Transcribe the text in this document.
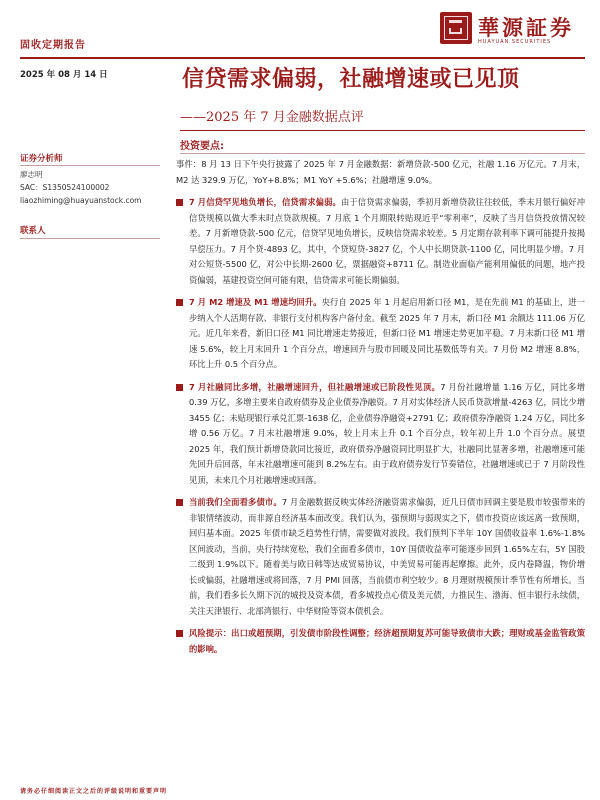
固收定期报告
華源証券
HUAYUAN SECURITIES
2025 年 08 月 14 日	信贷需求偏弱，社融增速或已见顶
——2025 年 7 月金融数据点评
投资要点:
证券分析师
廖志明
SAC：S1350524100002
liaozhiming@huayuanstock.com
联系人

事件：8 月 13 日下午央行披露了 2025 年 7 月金融数据：新增贷款-500 亿元，社融 1.16 万亿元。7 月末，M2 达 329.9 万亿，YoY+8.8%；M1 YoY +5.6%；社融增速 9.0%。

7 月信贷罕见地负增长，信贷需求偏弱。由于信贷需求偏弱，季初月新增贷款往往较低，季末月银行偏好冲信贷规模以做大季末时点贷款规模。7 月底 1 个月期限转贴现近乎“零利率”，反映了当月信贷投放情况较差。7 月新增贷款-500 亿元，信贷罕见地负增长，反映信贷需求较差。5 月定期存款利率下调可能提升按揭早偿压力。7 月个贷-4893 亿，其中，个贷短贷-3827 亿，个人中长期贷款-1100 亿，同比明显少增。7 月对公短贷-5500 亿，对公中长期-2600 亿，票据融资+8711 亿。制造业面临产能利用偏低的问题，地产投资偏弱，基建投资空间可能有限，信贷需求可能长期偏弱。
7 月 M2 增速及 M1 增速均回升。央行自 2025 年 1 月起启用新口径 M1，是在先前 M1 的基础上，进一步纳入个人活期存款、非银行支付机构客户备付金。截至 2025 年 7 月末，新口径 M1 余额达 111.06 万亿元。近几年来看，新旧口径 M1 同比增速走势接近，但新口径 M1 增速走势更加平稳。7 月末新口径 M1 增速 5.6%，较上月末回升 1 个百分点，增速回升与股市回暖及同比基数低等有关。7 月份 M2 增速 8.8%，环比上升 0.5 个百分点。
7 月社融同比多增，社融增速回升，但社融增速或已阶段性见顶。7 月份社融增量 1.16 万亿，同比多增 0.39 万亿，多增主要来自政府债券及企业债券净融资。7 月对实体经济人民币贷款增量-4263 亿，同比少增 3455 亿；未贴现银行承兑汇票-1638 亿，企业债券净融资+2791 亿；政府债券净融资 1.24 万亿，同比多增 0.56 万亿。7 月末社融增速 9.0%，较上月末上升 0.1 个百分点，较年初上升 1.0 个百分点。展望 2025 年，我们预计新增贷款同比接近，政府债券净融资同比明显扩大，社融同比显著多增，社融增速可能先回升后回落，年末社融增速可能到 8.2%左右。由于政府债券发行节奏错位，社融增速或已于 7 月阶段性见顶，未来几个月社融增速或回落。
当前我们全面看多债市。7 月金融数据反映实体经济融资需求偏弱，近几日债市回调主要是股市较强带来的非银情绪波动，而非源自经济基本面改变。我们认为，强预期与弱现实之下，债市投资应该远离一致预期，回归基本面。2025 年债市缺乏趋势性行情，需要做对波段。我们预判下半年 10Y 国债收益率 1.6%-1.8%区间波动，当前，央行持续宽松，我们全面看多债市，10Y 国债收益率可能逐步回到 1.65%左右，5Y 国股二级到 1.9%以下。随着美与欧日韩等达成贸易协议，中美贸易可能再起摩擦。此外，反内卷降温，物价增长或偏弱，社融增速或将回落，7 月 PMI 回落，当前债市利空较少。8 月理财规模预计季节性有所增长。当前，我们看多长久期下沉的城投及资本债，看多城投点心债及美元债，力推民生、渤海、恒丰银行永续债，关注天津银行、北部湾银行、中华财险等资本债机会。
风险提示：出口或超预期，引发债市阶段性调整；经济超预期复苏可能导致债市大跌；理财或基金监管政策的影响。
请务必仔细阅读正文之后的评级说明和重要声明
